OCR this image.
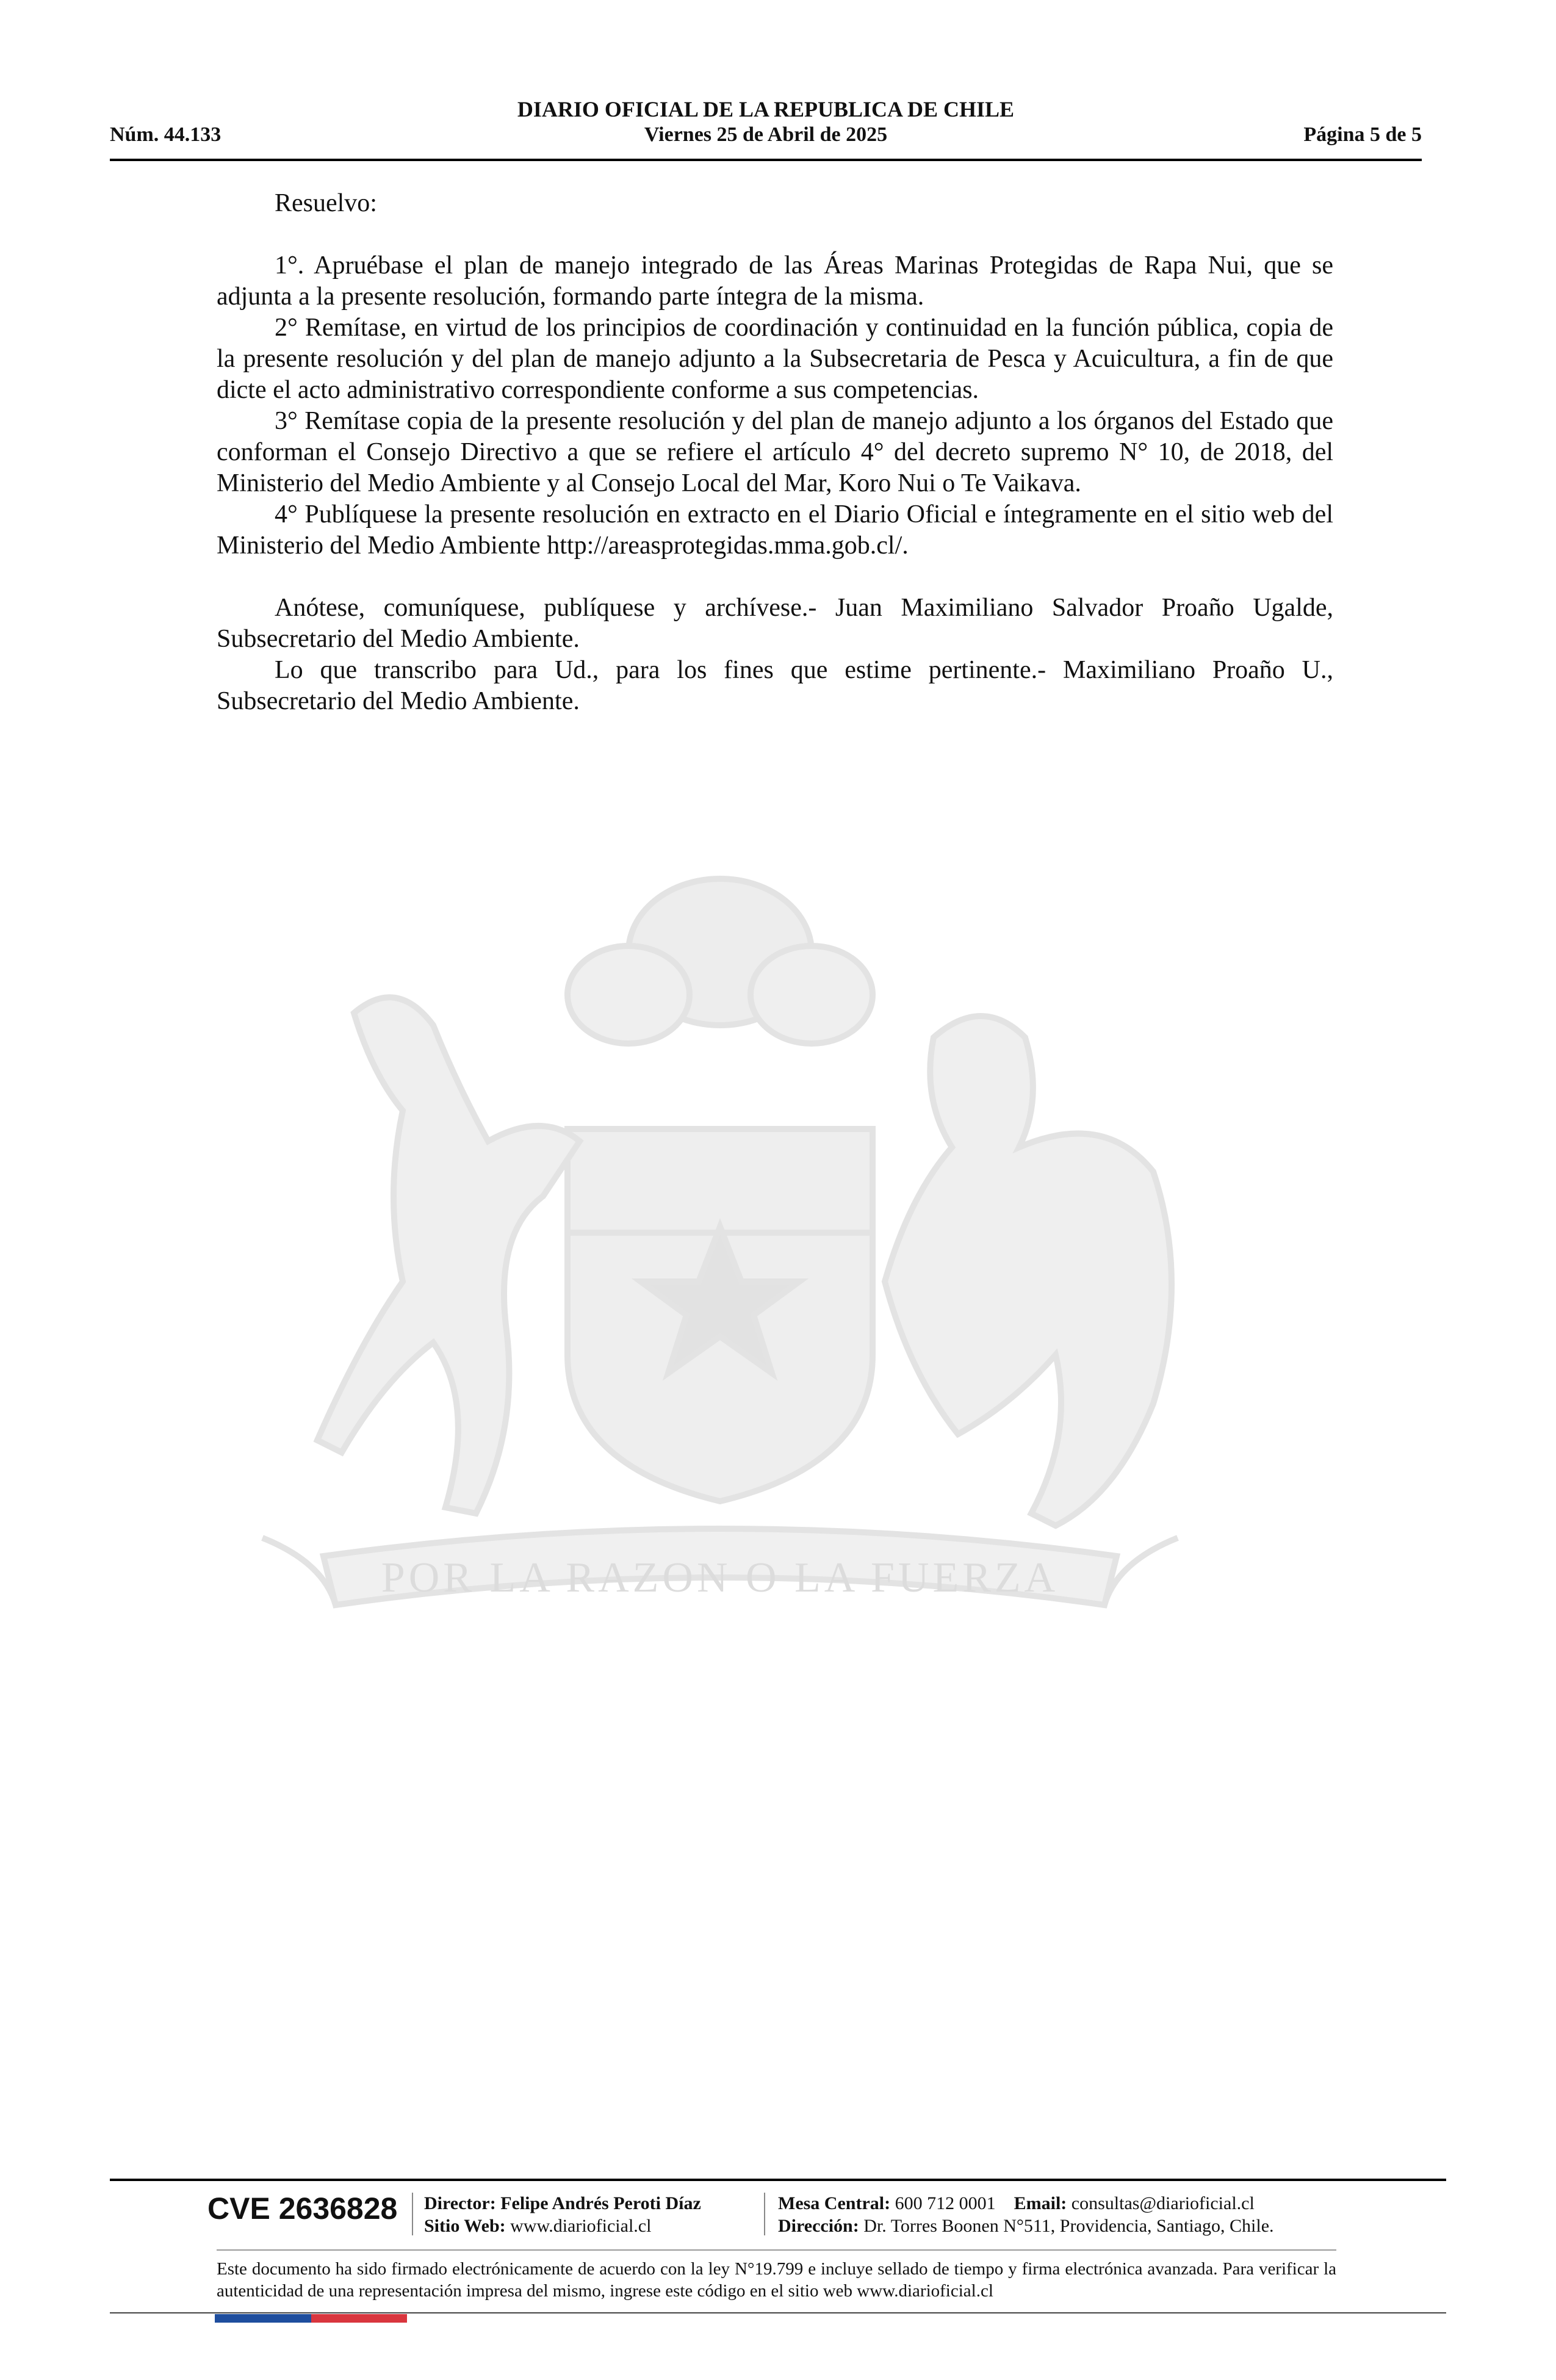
DIARIO OFICIAL DE LA REPUBLICA DE CHILE
Núm. 44.133	Viernes 25 de Abril de 2025	Página 5 de 5
POR LA RAZON O LA FUERZA

Resuelvo:

1°. Apruébase el plan de manejo integrado de las Áreas Marinas Protegidas de Rapa Nui, que se adjunta a la presente resolución, formando parte íntegra de la misma.

2° Remítase, en virtud de los principios de coordinación y continuidad en la función pública, copia de la presente resolución y del plan de manejo adjunto a la Subsecretaria de Pesca y Acuicultura, a fin de que dicte el acto administrativo correspondiente conforme a sus competencias.

3° Remítase copia de la presente resolución y del plan de manejo adjunto a los órganos del Estado que conforman el Consejo Directivo a que se refiere el artículo 4° del decreto supremo N° 10, de 2018, del Ministerio del Medio Ambiente y al Consejo Local del Mar, Koro Nui o Te Vaikava.

4° Publíquese la presente resolución en extracto en el Diario Oficial e íntegramente en el sitio web del Ministerio del Medio Ambiente http://areasprotegidas.mma.gob.cl/.

Anótese, comuníquese, publíquese y archívese.- Juan Maximiliano Salvador Proaño Ugalde, Subsecretario del Medio Ambiente.

Lo que transcribo para Ud., para los fines que estime pertinente.- Maximiliano Proaño U., Subsecretario del Medio Ambiente.

CVE 2636828 Director: Felipe Andrés Peroti Díaz
Sitio Web: www.diarioficial.cl
Mesa Central: 600 712 0001 Email: consultas@diarioficial.cl
Dirección: Dr. Torres Boonen N°511, Providencia, Santiago, Chile.
Este documento ha sido firmado electrónicamente de acuerdo con la ley N°19.799 e incluye sellado de tiempo y firma electrónica avanzada. Para verificar la autenticidad de una representación impresa del mismo, ingrese este código en el sitio web www.diarioficial.cl
